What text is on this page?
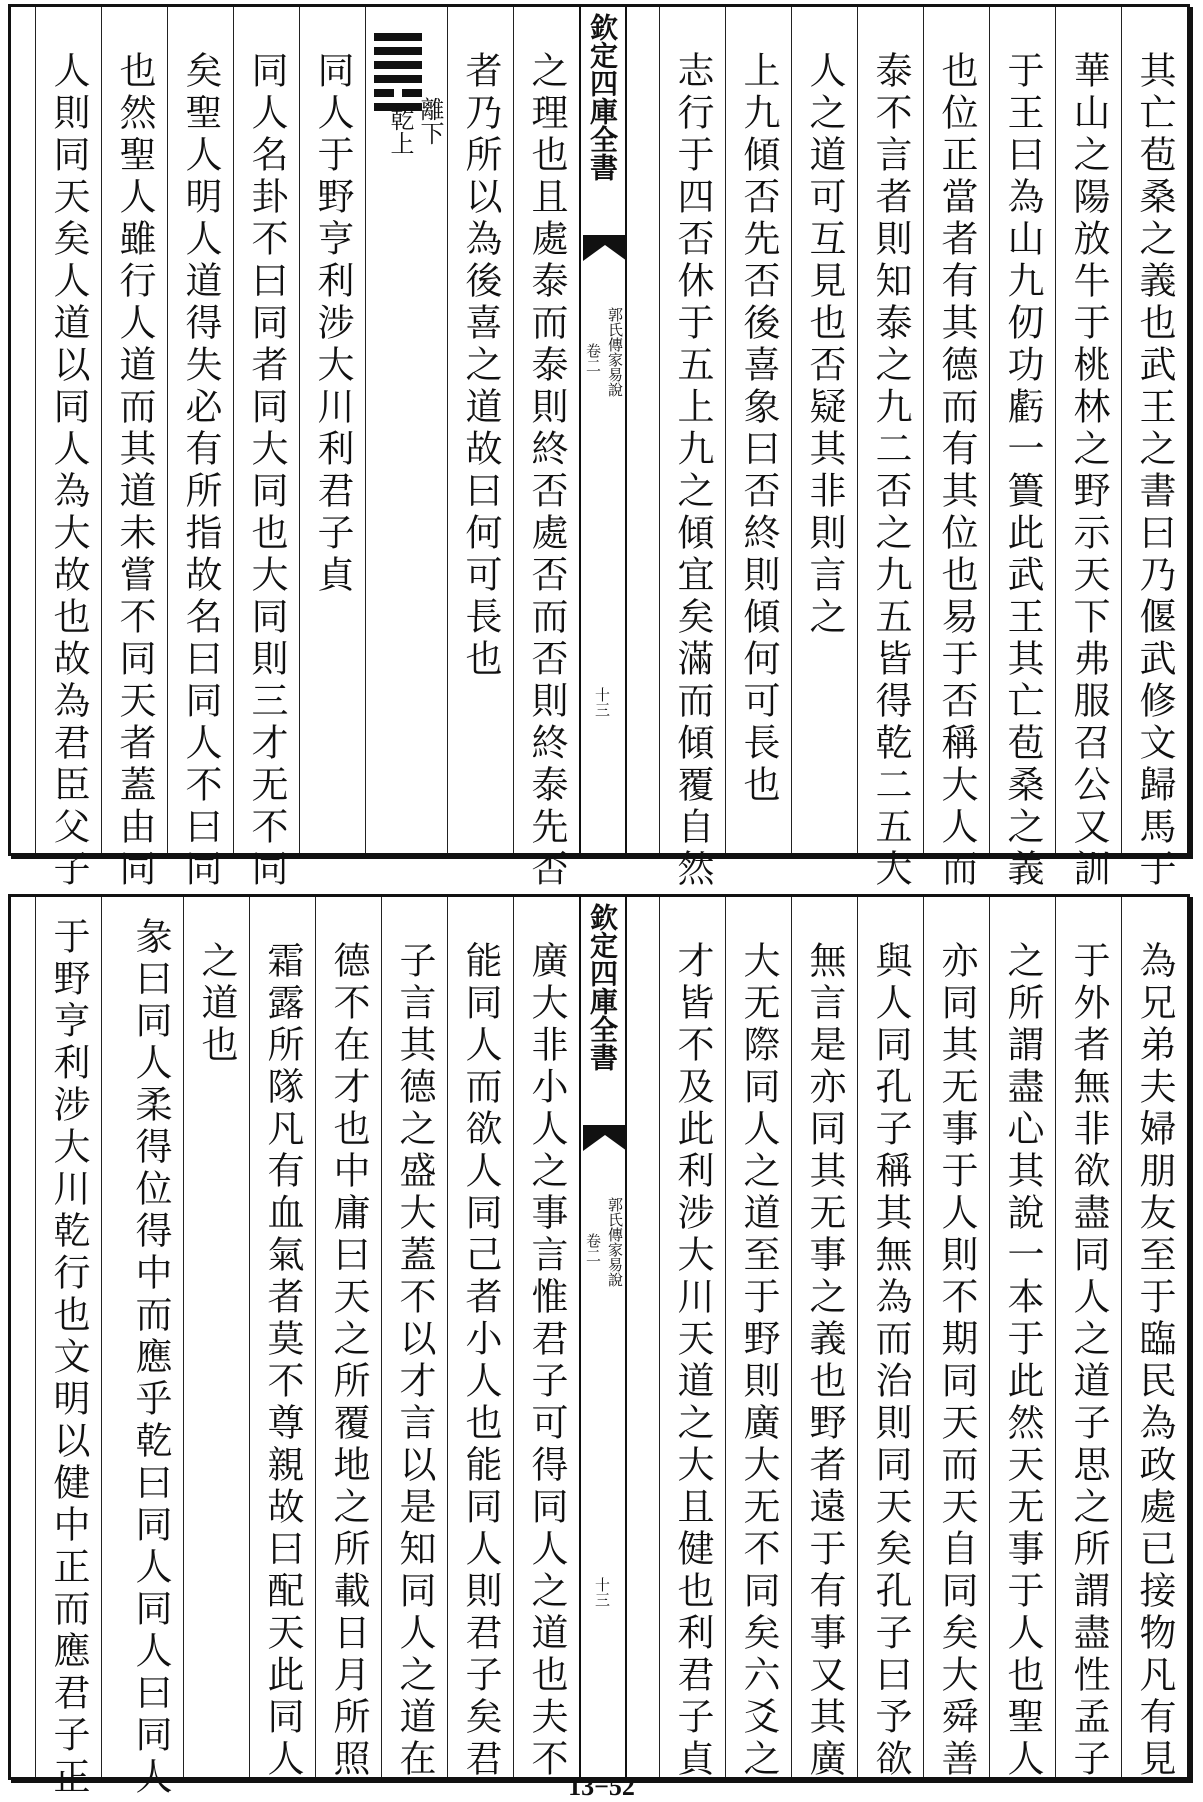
其亡苞桑之義也武王之書曰乃偃武修文歸馬于
華山之陽放牛于桃林之野示天下弗服召公又訓
于王曰為山九仞功虧一簣此武王其亡苞桑之義
也位正當者有其德而有其位也易于否稱大人而
泰不言者則知泰之九二否之九五皆得乾二五大
人之道可互見也否疑其非則言之
上九傾否先否後喜象曰否終則傾何可長也
志行于四否休于五上九之傾宜矣滿而傾覆自然
欽定四庫全書
郭氏傳家易說
卷二
十三
之理也且處泰而泰則終否處否而否則終泰先否
者乃所以為後喜之道故曰何可長也
離下
乾上
同人于野亨利涉大川利君子貞
同人名卦不曰同者同大同也大同則三才无不同
矣聖人明人道得失必有所指故名曰同人不曰同
也然聖人雖行人道而其道未嘗不同天者蓋由同
人則同天矣人道以同人為大故也故為君臣父子
為兄弟夫婦朋友至于臨民為政處已接物凡有見
于外者無非欲盡同人之道子思之所謂盡性孟子
之所謂盡心其說一本于此然天无事于人也聖人
亦同其无事于人則不期同天而天自同矣大舜善
與人同孔子稱其無為而治則同天矣孔子曰予欲
無言是亦同其无事之義也野者遠于有事又其廣
大无際同人之道至于野則廣大无不同矣六爻之
才皆不及此利涉大川天道之大且健也利君子貞
欽定四庫全書
郭氏傳家易說
卷二
十三
廣大非小人之事言惟君子可得同人之道也夫不
能同人而欲人同己者小人也能同人則君子矣君
子言其德之盛大蓋不以才言以是知同人之道在
德不在才也中庸曰天之所覆地之所載日月所照
霜露所隊凡有血氣者莫不尊親故曰配天此同人
之道也
彖曰同人柔得位得中而應乎乾曰同人同人曰同人
于野亨利涉大川乾行也文明以健中正而應君子正	13−52
